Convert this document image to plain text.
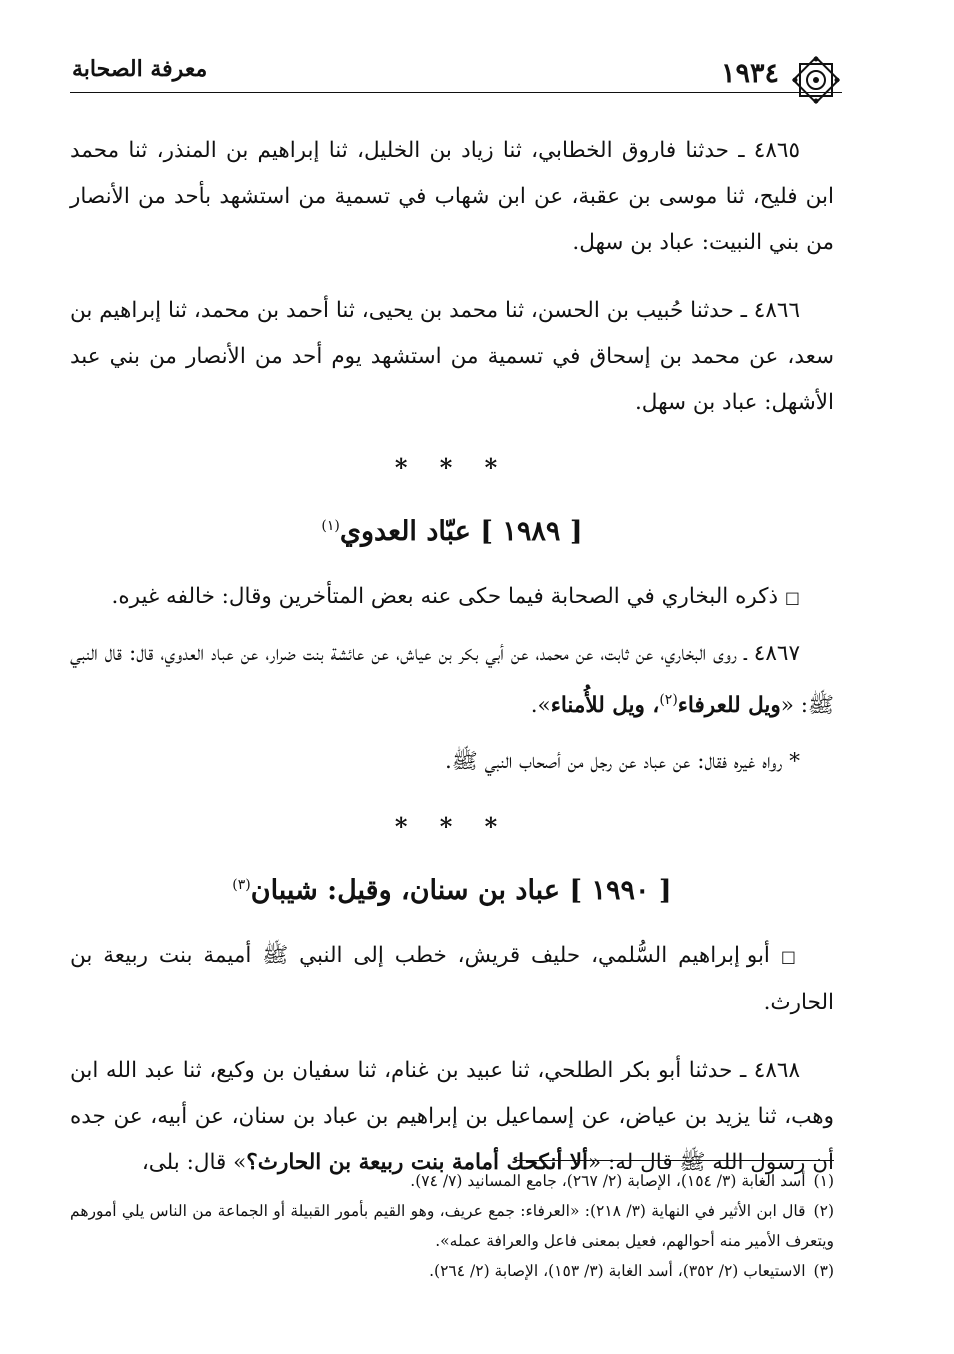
١٩٣٤
معرفة الصحابة

٤٨٦٥ ـ حدثنا فاروق الخطابي، ثنا زياد بن الخليل، ثنا إبراهيم بن المنذر، ثنا محمد ابن فليح، ثنا موسى بن عقبة، عن ابن شهاب في تسمية من استشهد بأحد من الأنصار من بني النبيت: عباد بن سهل.

٤٨٦٦ ـ حدثنا حُبيب بن الحسن، ثنا محمد بن يحيى، ثنا أحمد بن محمد، ثنا إبراهيم بن سعد، عن محمد بن إسحاق في تسمية من استشهد يوم أحد من الأنصار من بني عبد الأشهل: عباد بن سهل.

* * *
[ ١٩٨٩ ] عبّاد العدوي$^{(١)}$

□ ذكره البخاري في الصحابة فيما حكى عنه بعض المتأخرين وقال: خالفه غيره.

٤٨٦٧ ـ روى البخاري، عن ثابت، عن محمد، عن أبي بكر بن عياش، عن عائشة بنت ضرار، عن عباد العدوي، قال: قال النبي ﷺ: «ويل للعرفاء$^{(٢)}$، ويل للأُمناء».

* رواه غيره فقال: عن عباد عن رجل من أصحاب النبي ﷺ.

* * *
[ ١٩٩٠ ] عباد بن سنان، وقيل: شيبان$^{(٣)}$

□ أبو إبراهيم السُّلمي، حليف قريش، خطب إلى النبي ﷺ أميمة بنت ربيعة بن الحارث.

٤٨٦٨ ـ حدثنا أبو بكر الطلحي، ثنا عبيد بن غنام، ثنا سفيان بن وكيع، ثنا عبد الله ابن وهب، ثنا يزيد بن عياض، عن إسماعيل بن إبراهيم بن عباد بن سنان، عن أبيه، عن جده أن رسول الله ﷺ قال له: «ألا أنكحك أمامة بنت ربيعة بن الحارث؟» قال: بلى،

(١)أسد الغابة (٣/ ١٥٤)، الإصابة (٢/ ٢٦٧)، جامع المسانيد (٧/ ٧٤).

(٢)قال ابن الأثير في النهاية (٣/ ٢١٨): «العرفاء: جمع عريف، وهو القيم بأمور القبيلة أو الجماعة من الناس يلي أمورهم ويتعرف الأمير منه أحوالهم، فعيل بمعنى فاعل والعرافة عمله».

(٣)الاستيعاب (٢/ ٣٥٢)، أسد الغابة (٣/ ١٥٣)، الإصابة (٢/ ٢٦٤).
